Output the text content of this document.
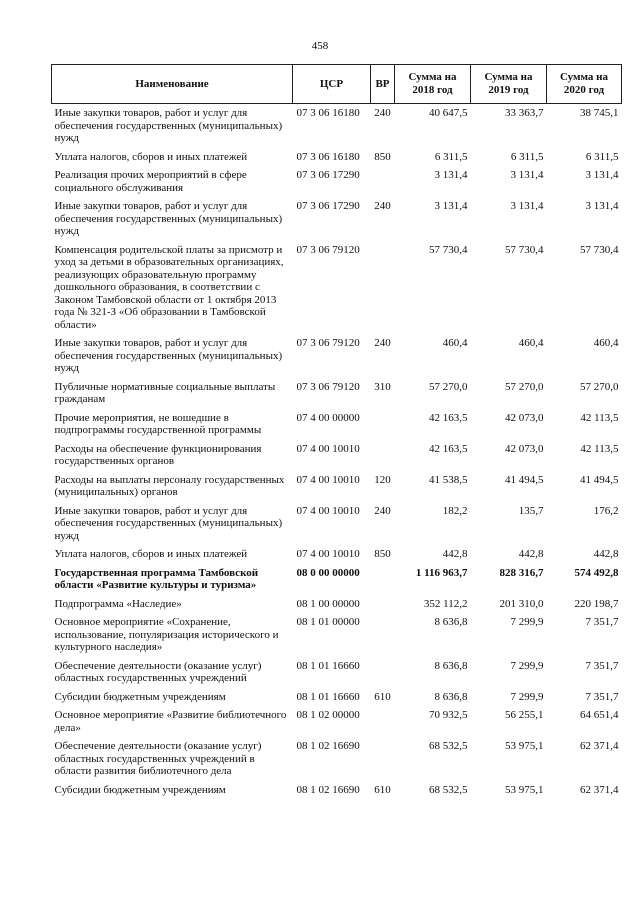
458
Наименование	ЦСР	ВР	Сумма на 2018 год	Сумма на 2019 год	Сумма на 2020 год
Иные закупки товаров, работ и услуг для обеспечения государственных (муниципальных) нужд	07 3 06 16180	240	40 647,5	33 363,7	38 745,1
Уплата налогов, сборов и иных платежей	07 3 06 16180	850	6 311,5	6 311,5	6 311,5
Реализация прочих мероприятий в сфере социального обслуживания	07 3 06 17290		3 131,4	3 131,4	3 131,4
Иные закупки товаров, работ и услуг для обеспечения государственных (муниципальных) нужд	07 3 06 17290	240	3 131,4	3 131,4	3 131,4
Компенсация родительской платы за присмотр и уход за детьми в образовательных организациях, реализующих образовательную программу дошкольного образования, в соответствии с Законом Тамбовской области от 1 октября 2013 года № 321-З «Об образовании в Тамбовской области»	07 3 06 79120		57 730,4	57 730,4	57 730,4
Иные закупки товаров, работ и услуг для обеспечения государственных (муниципальных) нужд	07 3 06 79120	240	460,4	460,4	460,4
Публичные нормативные социальные выплаты гражданам	07 3 06 79120	310	57 270,0	57 270,0	57 270,0
Прочие мероприятия, не вошедшие в подпрограммы государственной программы	07 4 00 00000		42 163,5	42 073,0	42 113,5
Расходы на обеспечение функционирования государственных органов	07 4 00 10010		42 163,5	42 073,0	42 113,5
Расходы на выплаты персоналу государственных (муниципальных) органов	07 4 00 10010	120	41 538,5	41 494,5	41 494,5
Иные закупки товаров, работ и услуг для обеспечения государственных (муниципальных) нужд	07 4 00 10010	240	182,2	135,7	176,2
Уплата налогов, сборов и иных платежей	07 4 00 10010	850	442,8	442,8	442,8
Государственная программа Тамбовской области «Развитие культуры и туризма»	08 0 00 00000		1 116 963,7	828 316,7	574 492,8
Подпрограмма «Наследие»	08 1 00 00000		352 112,2	201 310,0	220 198,7
Основное мероприятие «Сохранение, использование, популяризация исторического и культурного наследия»	08 1 01 00000		8 636,8	7 299,9	7 351,7
Обеспечение деятельности (оказание услуг) областных государственных учреждений	08 1 01 16660		8 636,8	7 299,9	7 351,7
Субсидии бюджетным учреждениям	08 1 01 16660	610	8 636,8	7 299,9	7 351,7
Основное мероприятие «Развитие библиотечного дела»	08 1 02 00000		70 932,5	56 255,1	64 651,4
Обеспечение деятельности (оказание услуг) областных государственных учреждений в области развития библиотечного дела	08 1 02 16690		68 532,5	53 975,1	62 371,4
Субсидии бюджетным учреждениям	08 1 02 16690	610	68 532,5	53 975,1	62 371,4
